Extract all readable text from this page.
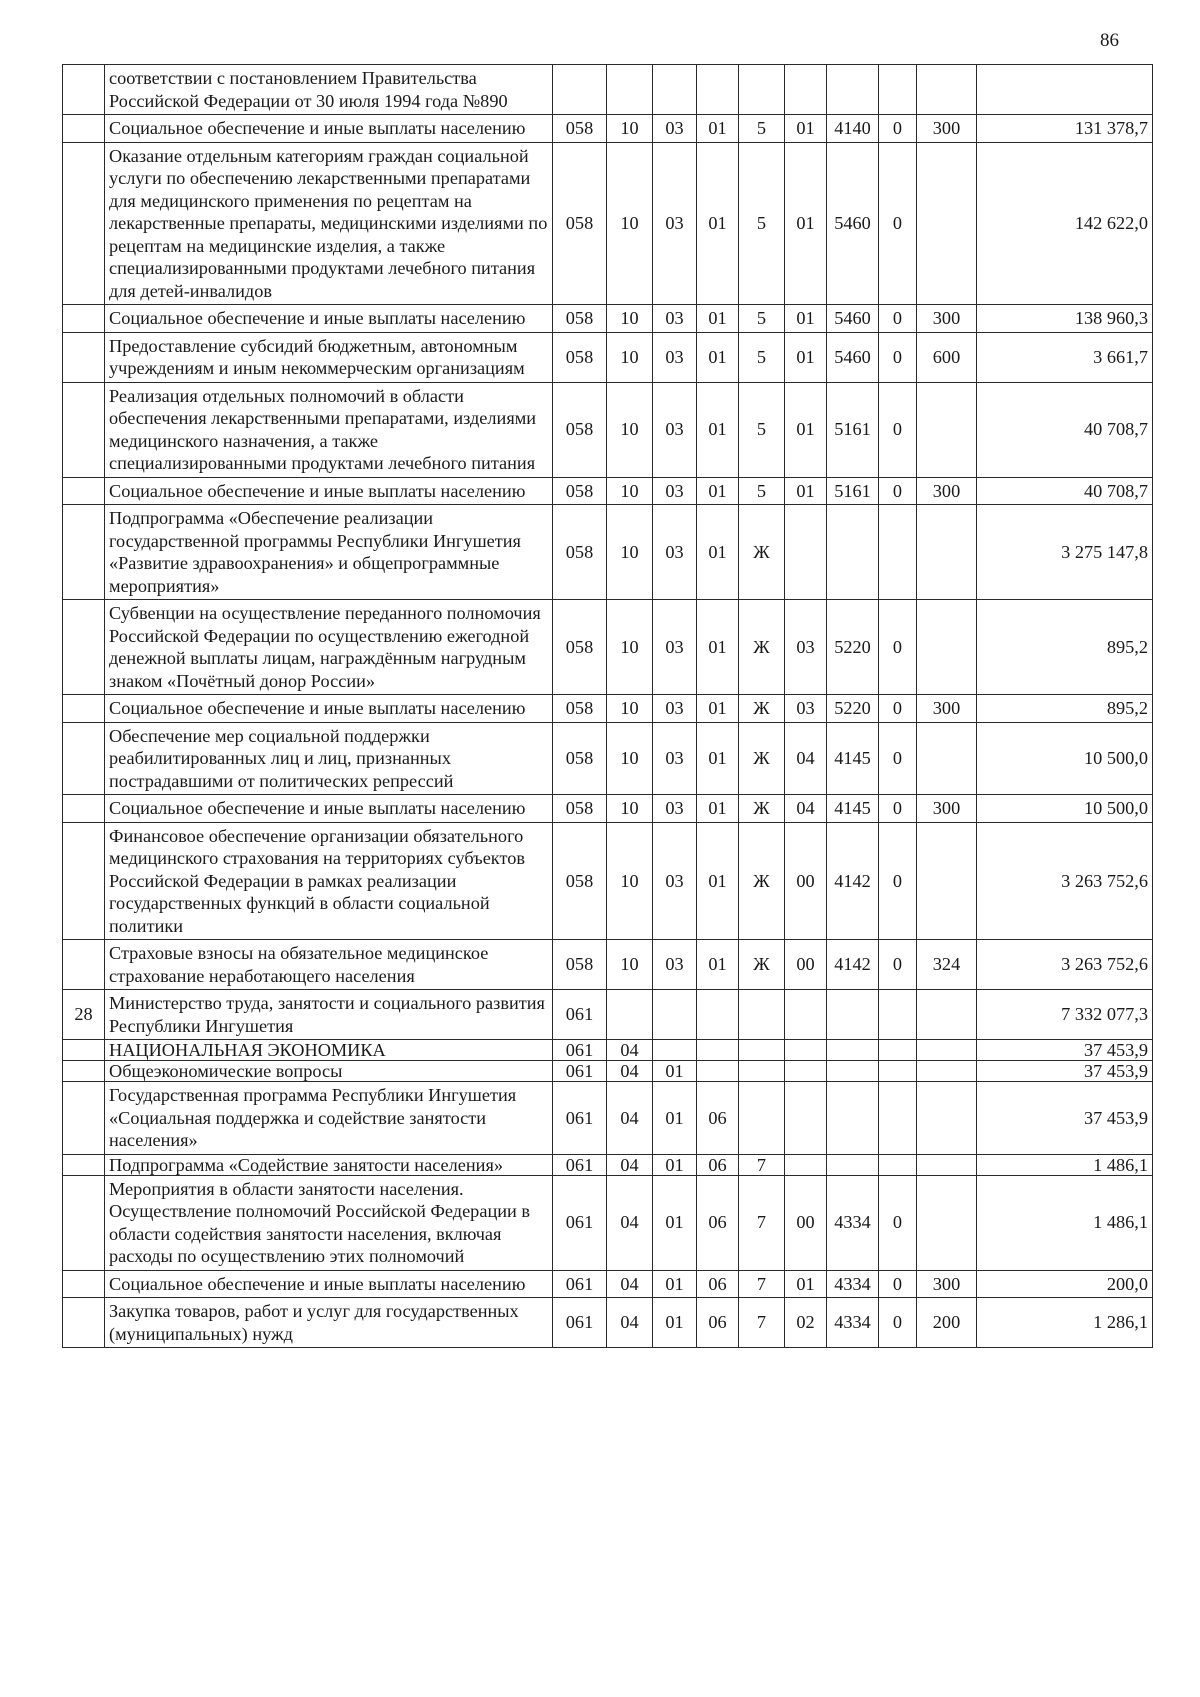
86
	соответствии с постановлением Правительства Российской Федерации от 30 июля 1994 года №890										
	Социальное обеспечение и иные выплаты населению	058	10	03	01	5	01	4140	0	300	131 378,7
	Оказание отдельным категориям граждан социальной услуги по обеспечению лекарственными препаратами для медицинского применения по рецептам на лекарственные препараты, медицинскими изделиями по рецептам на медицинские изделия, а также специализированными продуктами лечебного питания для детей-инвалидов	058	10	03	01	5	01	5460	0		142 622,0
	Социальное обеспечение и иные выплаты населению	058	10	03	01	5	01	5460	0	300	138 960,3
	Предоставление субсидий бюджетным, автономным учреждениям и иным некоммерческим организациям	058	10	03	01	5	01	5460	0	600	3 661,7
	Реализация отдельных полномочий в области обеспечения лекарственными препаратами, изделиями медицинского назначения, а также специализированными продуктами лечебного питания	058	10	03	01	5	01	5161	0		40 708,7
	Социальное обеспечение и иные выплаты населению	058	10	03	01	5	01	5161	0	300	40 708,7
	Подпрограмма «Обеспечение реализации государственной программы Республики Ингушетия «Развитие здравоохранения» и общепрограммные мероприятия»	058	10	03	01	Ж					3 275 147,8
	Субвенции на осуществление переданного полномочия Российской Федерации по осуществлению ежегодной денежной выплаты лицам, награждённым нагрудным знаком «Почётный донор России»	058	10	03	01	Ж	03	5220	0		895,2
	Социальное обеспечение и иные выплаты населению	058	10	03	01	Ж	03	5220	0	300	895,2
	Обеспечение мер социальной поддержки реабилитированных лиц и лиц, признанных пострадавшими от политических репрессий	058	10	03	01	Ж	04	4145	0		10 500,0
	Социальное обеспечение и иные выплаты населению	058	10	03	01	Ж	04	4145	0	300	10 500,0
	Финансовое обеспечение организации обязательного медицинского страхования на территориях субъектов Российской Федерации в рамках реализации государственных функций в области социальной политики	058	10	03	01	Ж	00	4142	0		3 263 752,6
	Страховые взносы на обязательное медицинское страхование неработающего населения	058	10	03	01	Ж	00	4142	0	324	3 263 752,6
28	Министерство труда, занятости и социального развития Республики Ингушетия	061									7 332 077,3
	НАЦИОНАЛЬНАЯ ЭКОНОМИКА	061	04								37 453,9
	Общеэкономические вопросы	061	04	01							37 453,9
	Государственная программа Республики Ингушетия «Социальная поддержка и содействие занятости населения»	061	04	01	06						37 453,9
	Подпрограмма «Содействие занятости населения»	061	04	01	06	7					1 486,1
	Мероприятия в области занятости населения. Осуществление полномочий Российской Федерации в области содействия занятости населения, включая расходы по осуществлению этих полномочий	061	04	01	06	7	00	4334	0		1 486,1
	Социальное обеспечение и иные выплаты населению	061	04	01	06	7	01	4334	0	300	200,0
	Закупка товаров, работ и услуг для государственных (муниципальных) нужд	061	04	01	06	7	02	4334	0	200	1 286,1
